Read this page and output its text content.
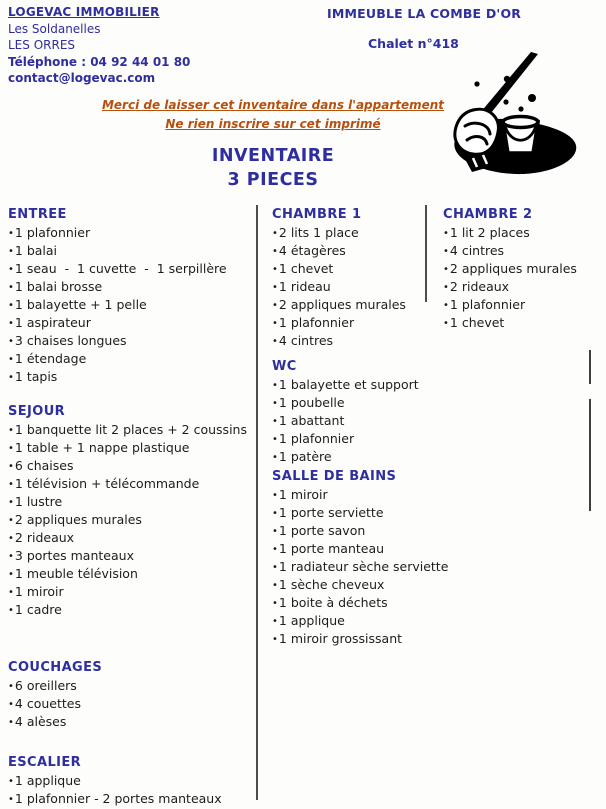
LOGEVAC IMMOBILIER
Les Soldanelles
LES ORRES
Téléphone : 04 92 44 01 80
contact@logevac.com
IMMEUBLE LA COMBE D'OR
Chalet n°418
Merci de laisser cet inventaire dans l'appartement
Ne rien inscrire sur cet imprimé
INVENTAIRE
3 PIECES
ENTREE
•1 plafonnier
•1 balai
•1 seau  -  1 cuvette  -  1 serpillère
•1 balai brosse
•1 balayette + 1 pelle
•1 aspirateur
•3 chaises longues
•1 étendage
•1 tapis
SEJOUR
•1 banquette lit 2 places + 2 coussins
•1 table + 1 nappe plastique
•6 chaises
•1 télévision + télécommande
•1 lustre
•2 appliques murales
•2 rideaux
•3 portes manteaux
•1 meuble télévision
•1 miroir
•1 cadre
COUCHAGES
•6 oreillers
•4 couettes
•4 alèses
ESCALIER
•1 applique
•1 plafonnier - 2 portes manteaux
CHAMBRE 1
•2 lits 1 place
•4 étagères
•1 chevet
•1 rideau
•2 appliques murales
•1 plafonnier
•4 cintres
WC
•1 balayette et support
•1 poubelle
•1 abattant
•1 plafonnier
•1 patère
SALLE DE BAINS
•1 miroir
•1 porte serviette
•1 porte savon
•1 porte manteau
•1 radiateur sèche serviette
•1 sèche cheveux
•1 boite à déchets
•1 applique
•1 miroir grossissant
CHAMBRE 2
•1 lit 2 places
•4 cintres
•2 appliques murales
•2 rideaux
•1 plafonnier
•1 chevet
